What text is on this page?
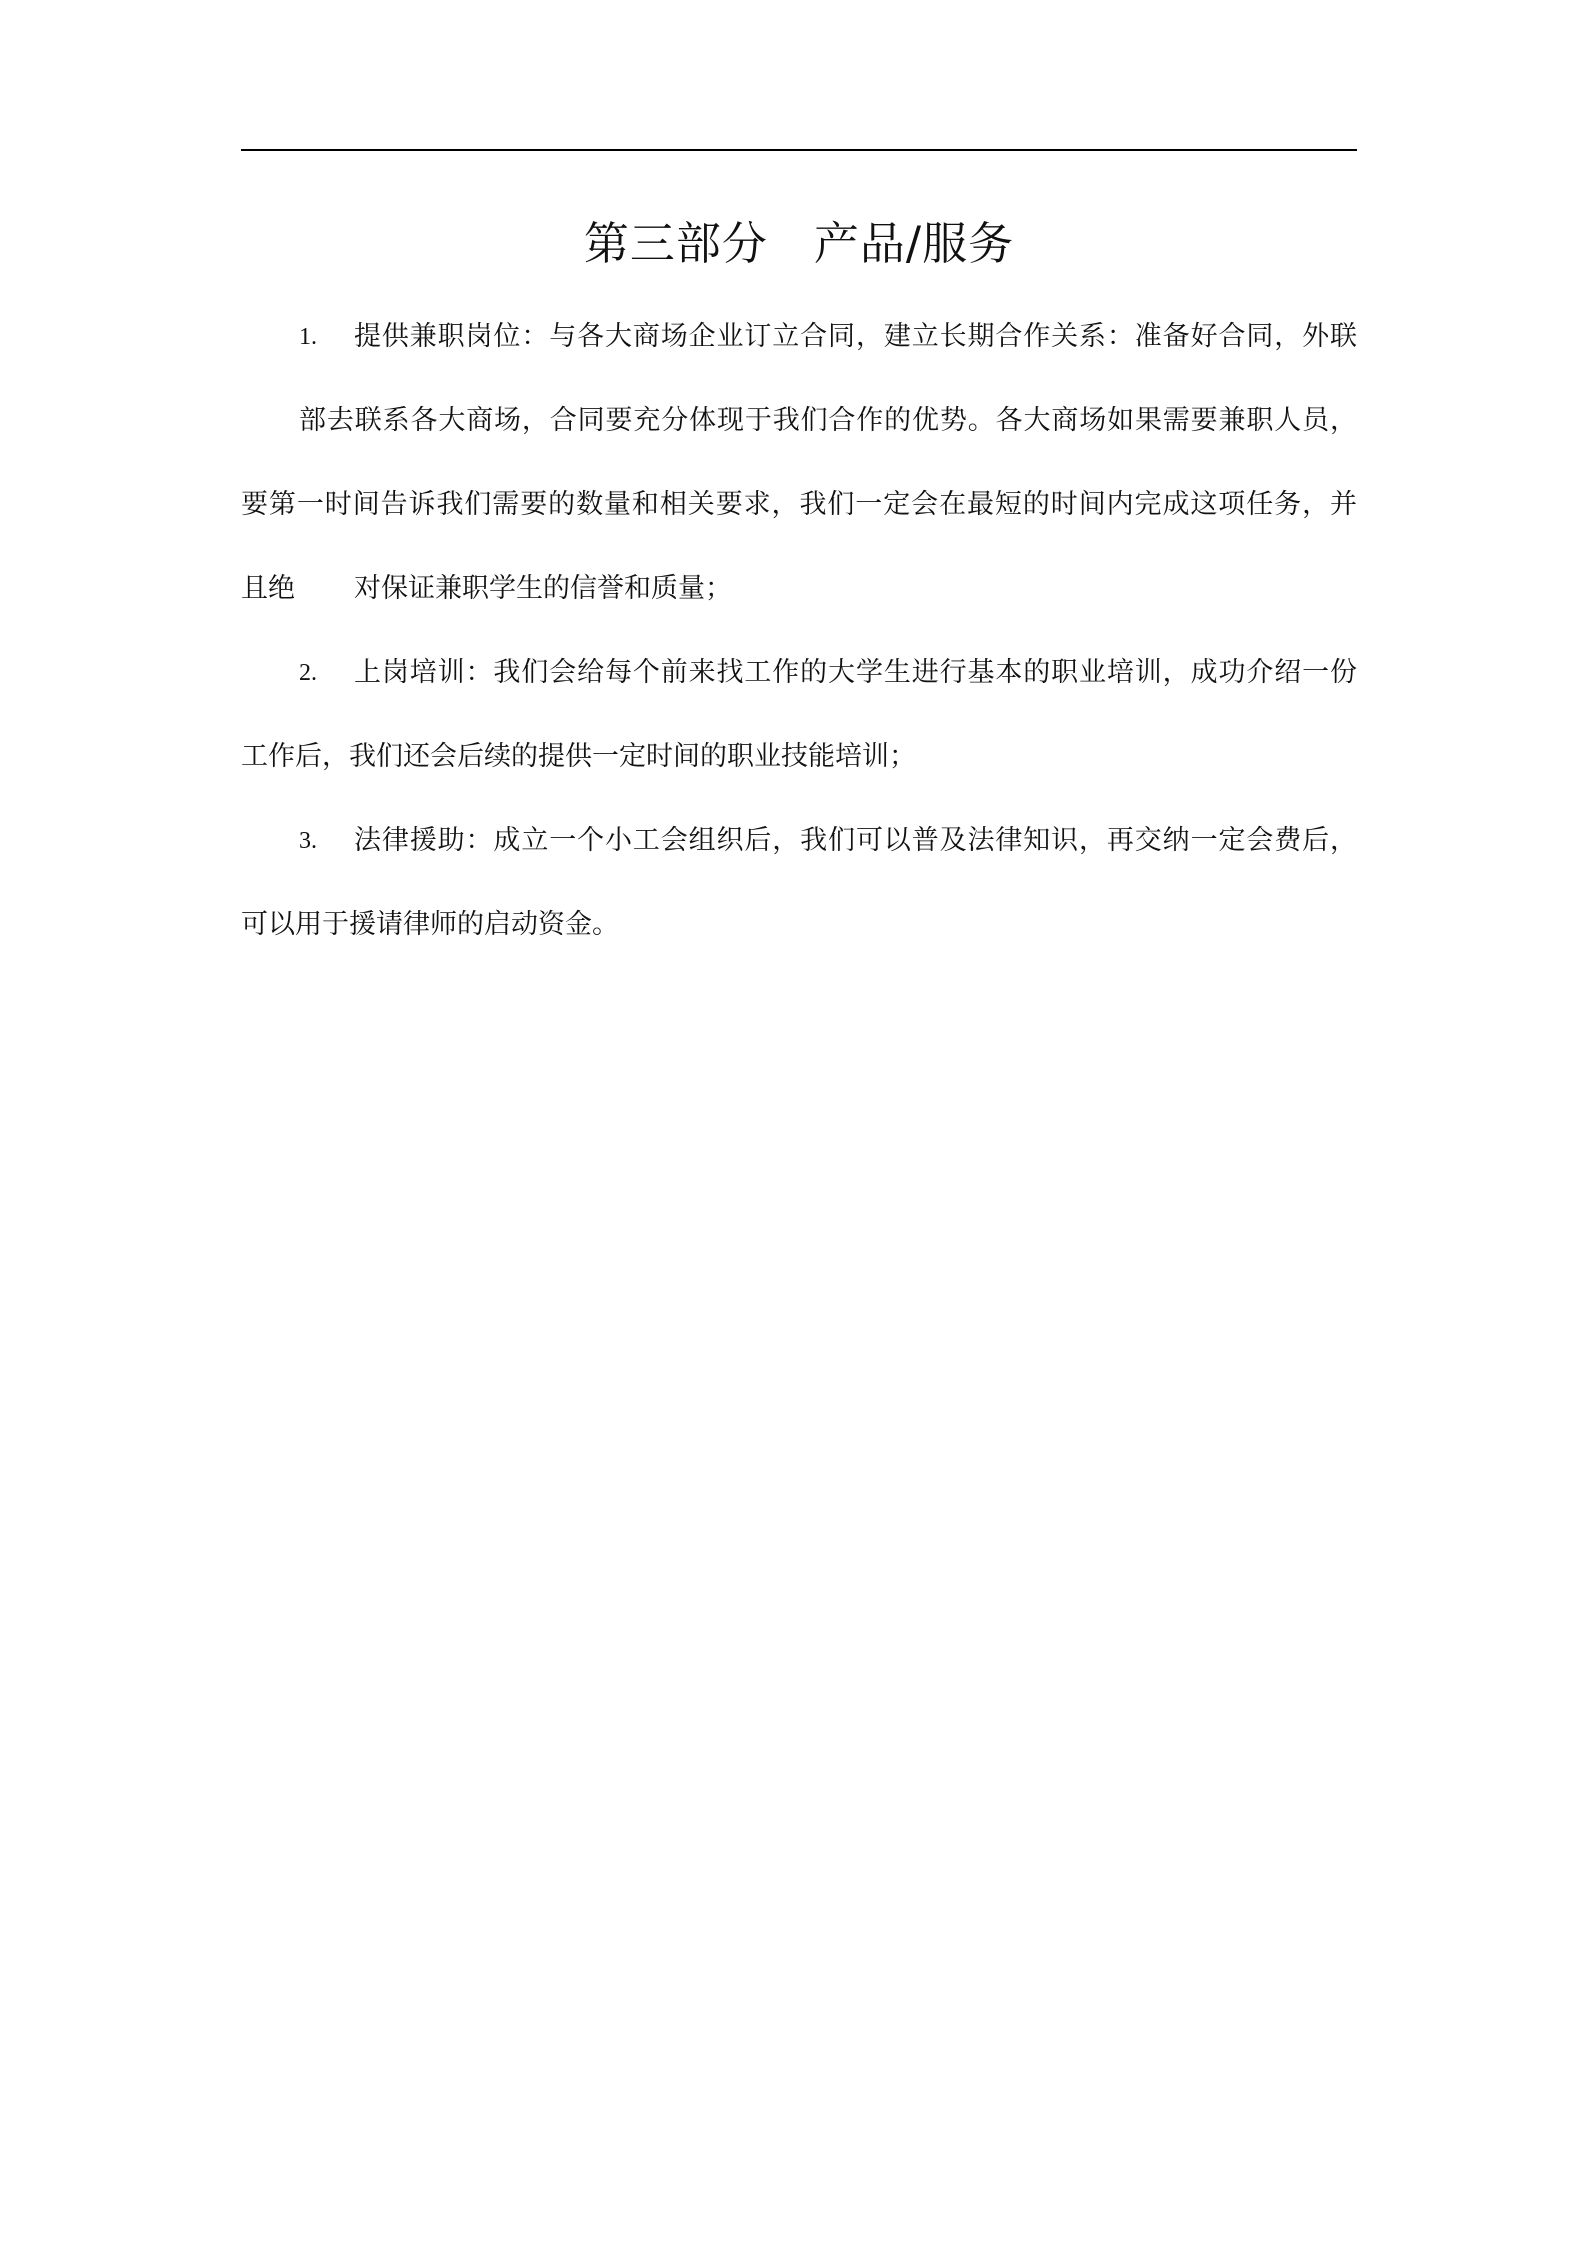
第三部分　产品/服务
1. 提供兼职岗位：与各大商场企业订立合同，建立长期合作关系：准备好合同，外联
部去联系各大商场，合同要充分体现于我们合作的优势。各大商场如果需要兼职人员，
要第一时间告诉我们需要的数量和相关要求，我们一定会在最短的时间内完成这项任务，并
且绝 对保证兼职学生的信誉和质量；
2. 上岗培训：我们会给每个前来找工作的大学生进行基本的职业培训，成功介绍一份
工作后，我们还会后续的提供一定时间的职业技能培训；
3. 法律援助：成立一个小工会组织后，我们可以普及法律知识，再交纳一定会费后，
可以用于援请律师的启动资金。
